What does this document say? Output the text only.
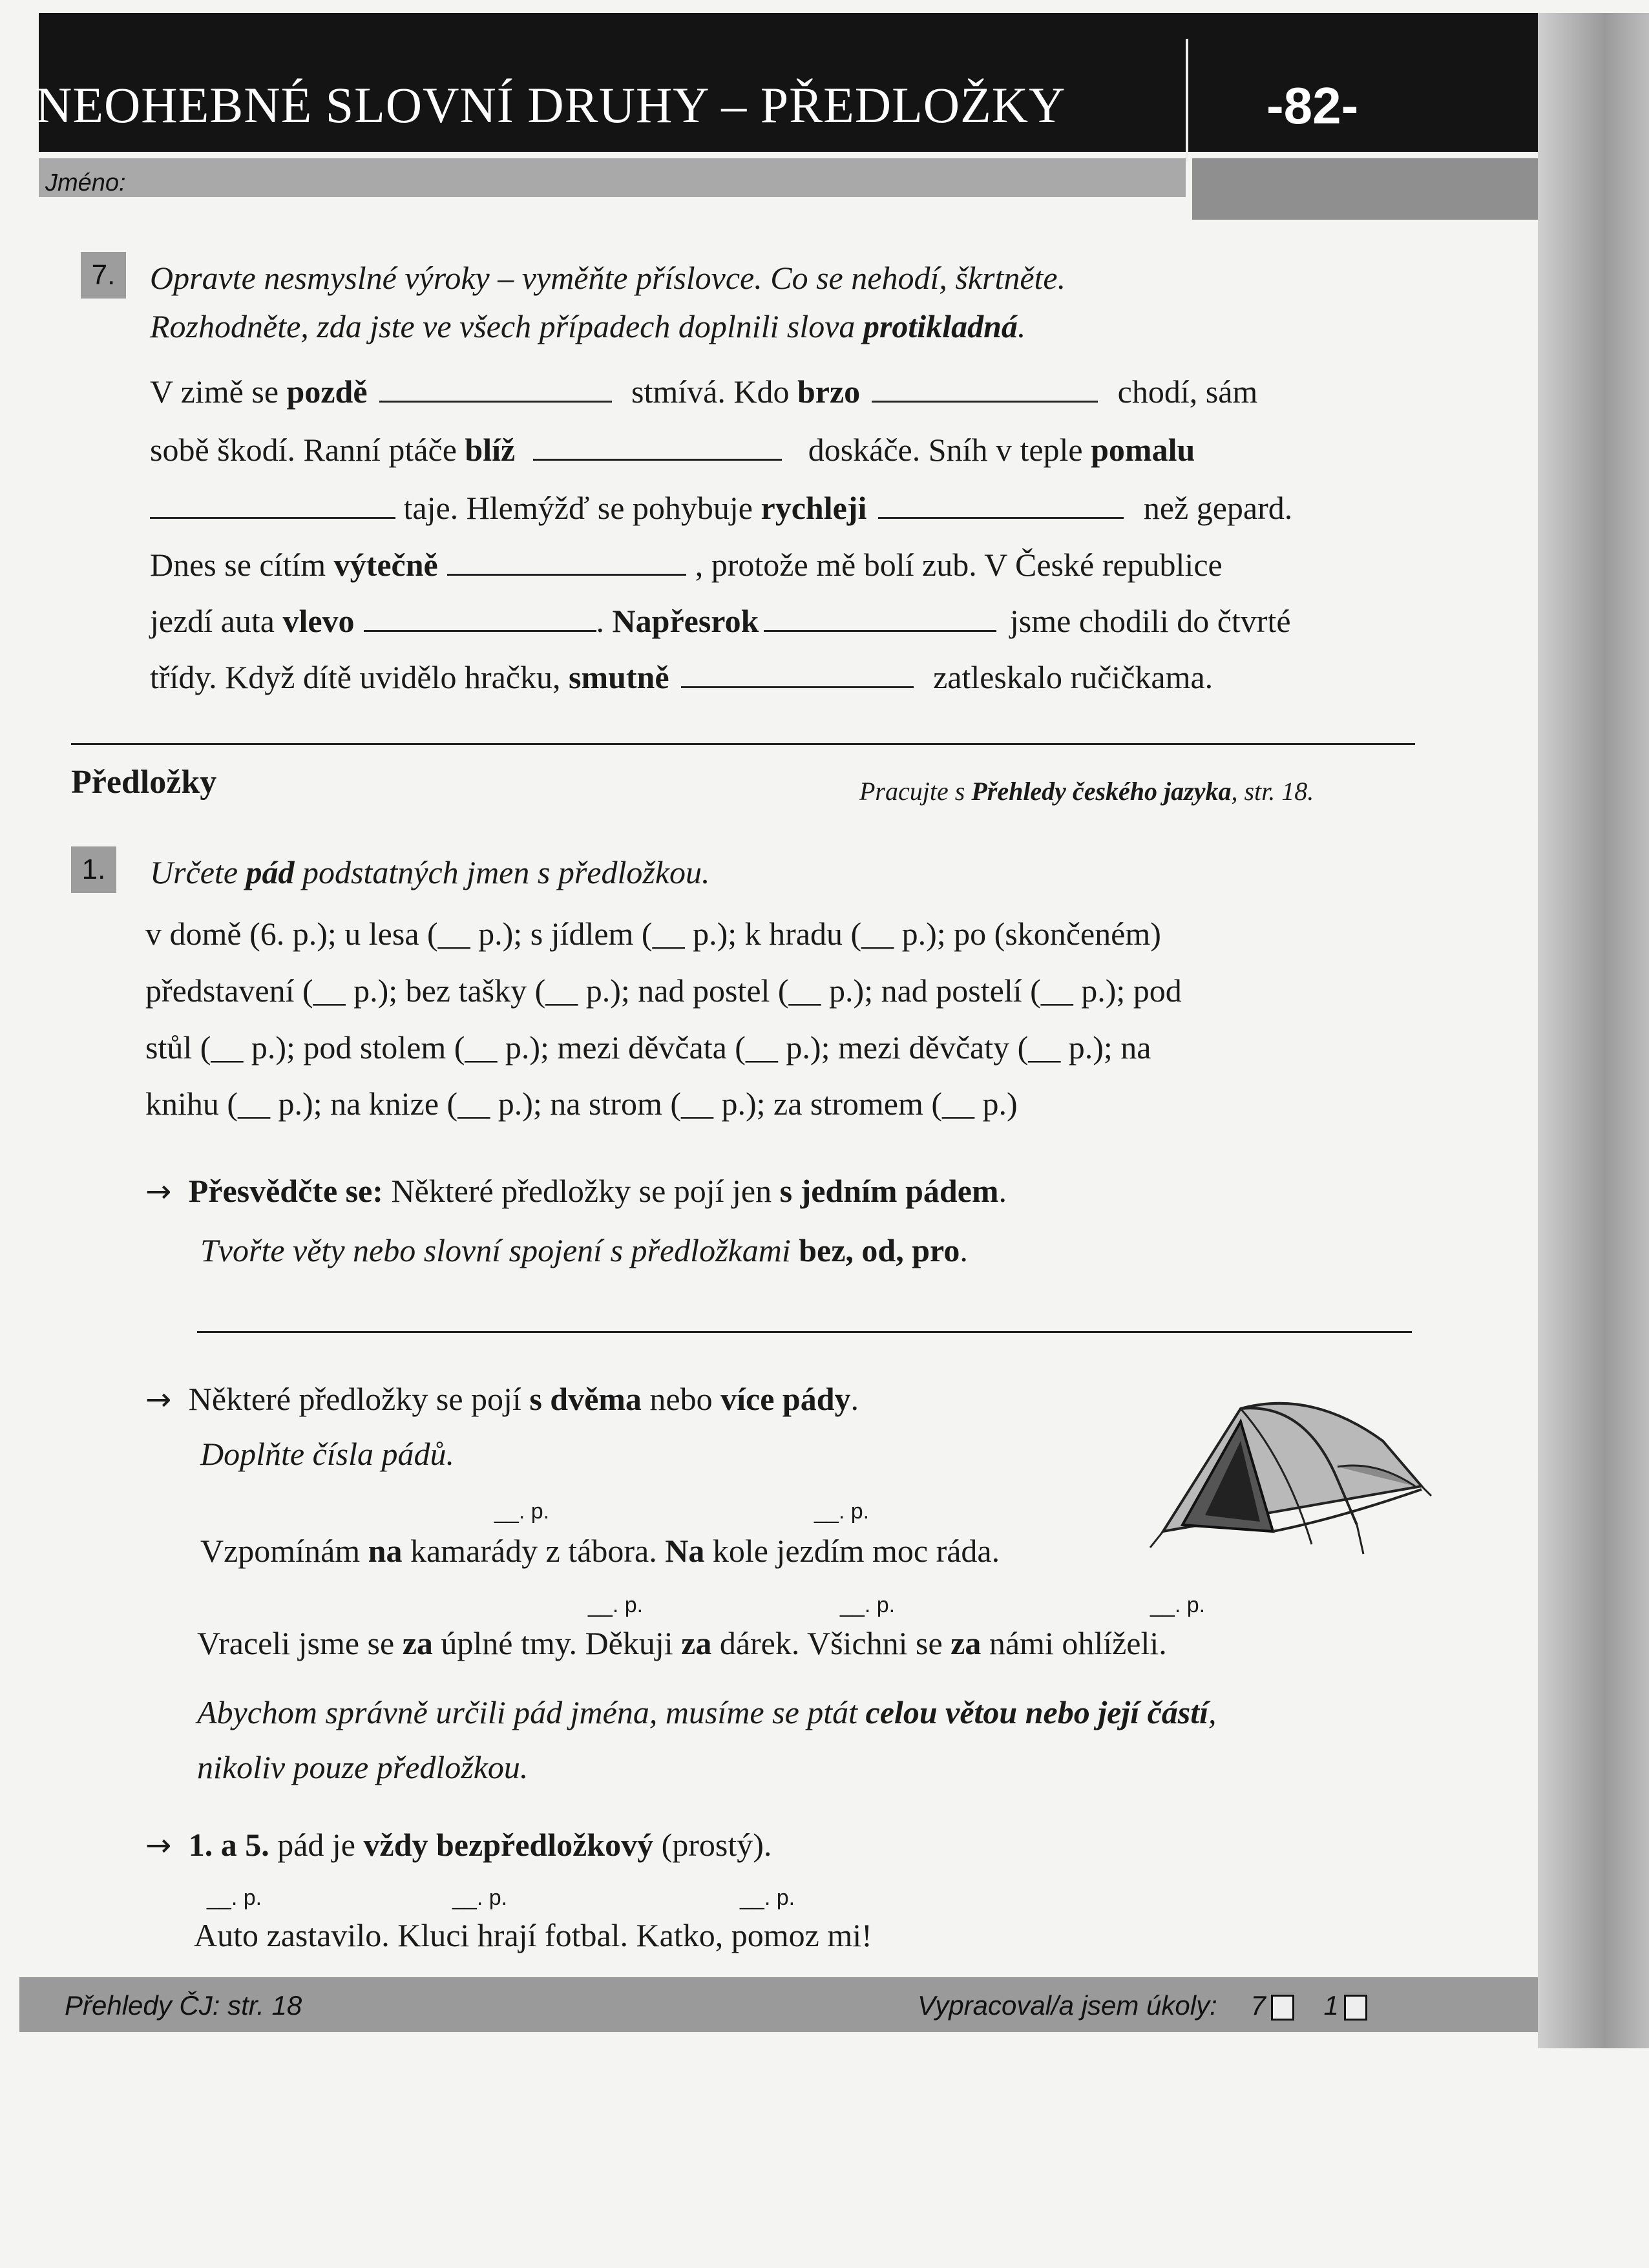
NEOHEBNÉ SLOVNÍ DRUHY – PŘEDLOŽKY	-82-
Jméno:
7.	Opravte nesmyslné výroky – vyměňte příslovce. Co se nehodí, škrtněte.
Rozhodněte, zda jste ve všech případech doplnili slova protikladná.
V zimě se pozdě	stmívá. Kdo brzo	chodí, sám
sobě škodí. Ranní ptáče blíž	doskáče. Sníh v teple pomalu
taje. Hlemýžď se pohybuje rychleji	než gepard.
Dnes se cítím výtečně	, protože mě bolí zub. V České republice
jezdí auta vlevo	. Napřesrok	jsme chodili do čtvrté
třídy. Když dítě uvidělo hračku, smutně	zatleskalo ručičkama.
Předložky	Pracujte s Přehledy českého jazyka, str. 18.
1.	Určete pád podstatných jmen s předložkou.
v domě (6. p.); u lesa (__ p.); s jídlem (__ p.); k hradu (__ p.); po (skončeném)
představení (__ p.); bez tašky (__ p.); nad postel (__ p.); nad postelí (__ p.); pod
stůl (__ p.); pod stolem (__ p.); mezi děvčata (__ p.); mezi děvčaty (__ p.); na
knihu (__ p.); na knize (__ p.); na strom (__ p.); za stromem (__ p.)
→ Přesvědčte se: Některé předložky se pojí jen s jedním pádem.
Tvořte věty nebo slovní spojení s předložkami bez, od, pro.
→ Některé předložky se pojí s dvěma nebo více pády.
Doplňte čísla pádů.
__. p.	__. p.
Vzpomínám na kamarády z tábora. Na kole jezdím moc ráda.
__. p.	__. p.	__. p.
Vraceli jsme se za úplné tmy. Děkuji za dárek. Všichni se za námi ohlíželi.
Abychom správně určili pád jména, musíme se ptát celou větou nebo její částí,
nikoliv pouze předložkou.
→ 1. a 5. pád je vždy bezpředložkový (prostý).
__. p.	__. p.	__. p.
Auto zastavilo. Kluci hrají fotbal. Katko, pomoz mi!
Přehledy ČJ: str. 18	Vypracoval/a jsem úkoly: 7 1
